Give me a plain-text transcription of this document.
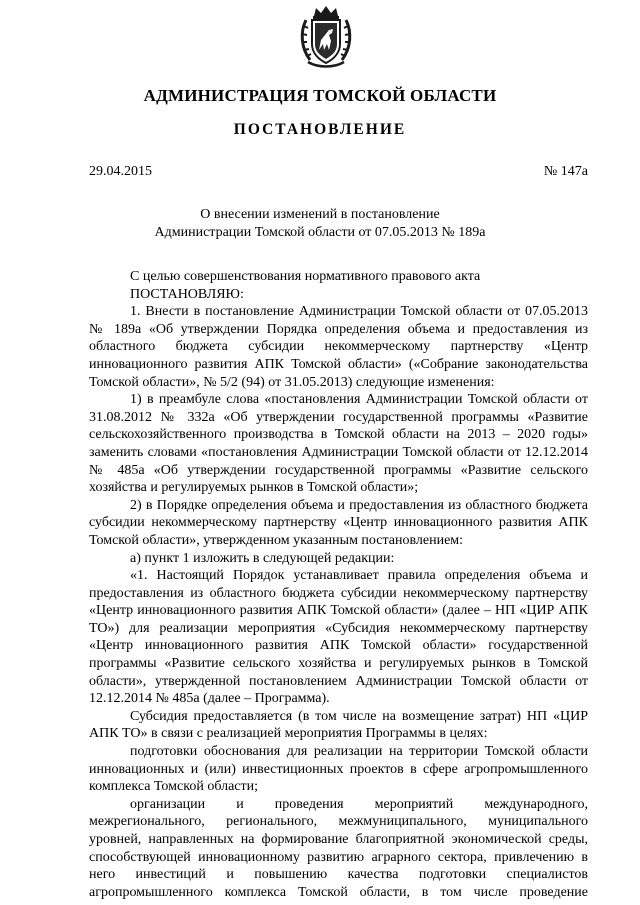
АДМИНИСТРАЦИЯ ТОМСКОЙ ОБЛАСТИ
ПОСТАНОВЛЕНИЕ
29.04.2015	№ 147а
О внесении изменений в постановление
Администрации Томской области от 07.05.2013 № 189а

С целью совершенствования нормативного правового акта

ПОСТАНОВЛЯЮ:

1. Внести в постановление Администрации Томской области от 07.05.2013 № 189а «Об утверждении Порядка определения объема и предоставления из областного бюджета субсидии некоммерческому партнерству «Центр инновационного развития АПК Томской области» («Собрание законодательства Томской области», № 5/2 (94) от 31.05.2013) следующие изменения:

1) в преамбуле слова «постановления Администрации Томской области от 31.08.2012 № 332а «Об утверждении государственной программы «Развитие сельскохозяйственного производства в Томской области на 2013 – 2020 годы» заменить словами «постановления Администрации Томской области от 12.12.2014 № 485а «Об утверждении государственной программы «Развитие сельского хозяйства и регулируемых рынков в Томской области»;

2) в Порядке определения объема и предоставления из областного бюджета субсидии некоммерческому партнерству «Центр инновационного развития АПК Томской области», утвержденном указанным постановлением:

а) пункт 1 изложить в следующей редакции:

«1. Настоящий Порядок устанавливает правила определения объема и предоставления из областного бюджета субсидии некоммерческому партнерству «Центр инновационного развития АПК Томской области» (далее – НП «ЦИР АПК ТО») для реализации мероприятия «Субсидия некоммерческому партнерству «Центр инновационного развития АПК Томской области» государственной программы «Развитие сельского хозяйства и регулируемых рынков в Томской области», утвержденной постановлением Администрации Томской области от 12.12.2014 № 485а (далее – Программа).

Субсидия предоставляется (в том числе на возмещение затрат) НП «ЦИР АПК ТО» в связи с реализацией мероприятия Программы в целях:

подготовки обоснования для реализации на территории Томской области инновационных и (или) инвестиционных проектов в сфере агропромышленного комплекса Томской области;

организации и проведения мероприятий международного, межрегионального, регионального, межмуниципального, муниципального уровней, направленных на формирование благоприятной экономической среды, способствующей инновационному развитию аграрного сектора, привлечению в него инвестиций и повышению качества подготовки специалистов агропромышленного комплекса Томской области, в том числе проведение
